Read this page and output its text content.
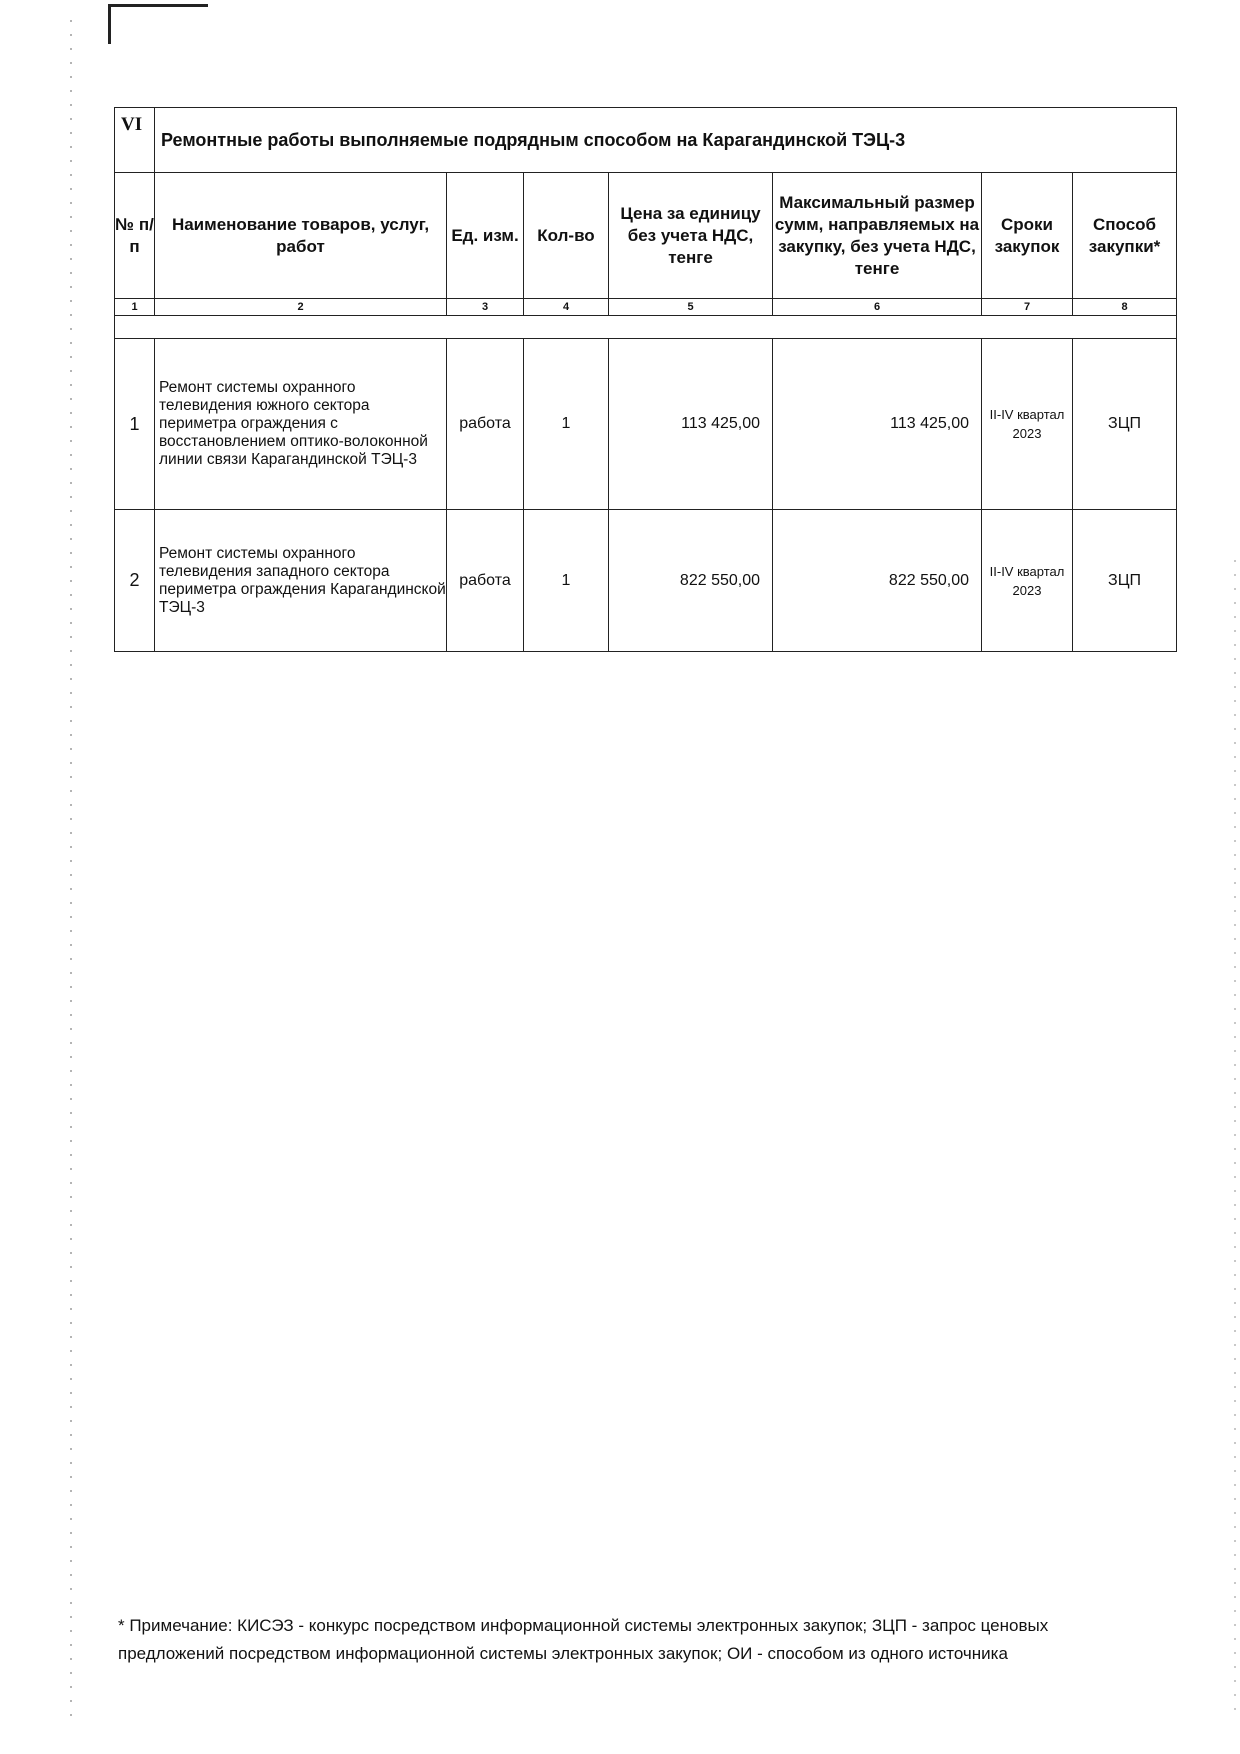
VI	Ремонтные работы выполняемые подрядным способом на Карагандинской ТЭЦ-3						
№ п/п	Наименование товаров, услуг, работ	Ед. изм.	Кол-во	Цена за единицу без учета НДС, тенге	Максимальный размер сумм, направляемых на закупку, без учета НДС, тенге	Сроки закупок	Способ закупки*
1	2	3	4	5	6	7	8

1	Ремонт системы охранного телевидения южного сектора периметра ограждения с восстановлением оптико-волоконной линии связи Карагандинской ТЭЦ-3	работа	1	113 425,00	113 425,00	II-IV квартал 2023	ЗЦП
2	Ремонт системы охранного телевидения западного сектора периметра ограждения Карагандинской ТЭЦ-3	работа	1	822 550,00	822 550,00	II-IV квартал 2023	ЗЦП
* Примечание: КИСЭЗ - конкурс посредством информационной системы электронных закупок; ЗЦП - запрос ценовых предложений посредством информационной системы электронных закупок; ОИ - способом из одного источника
